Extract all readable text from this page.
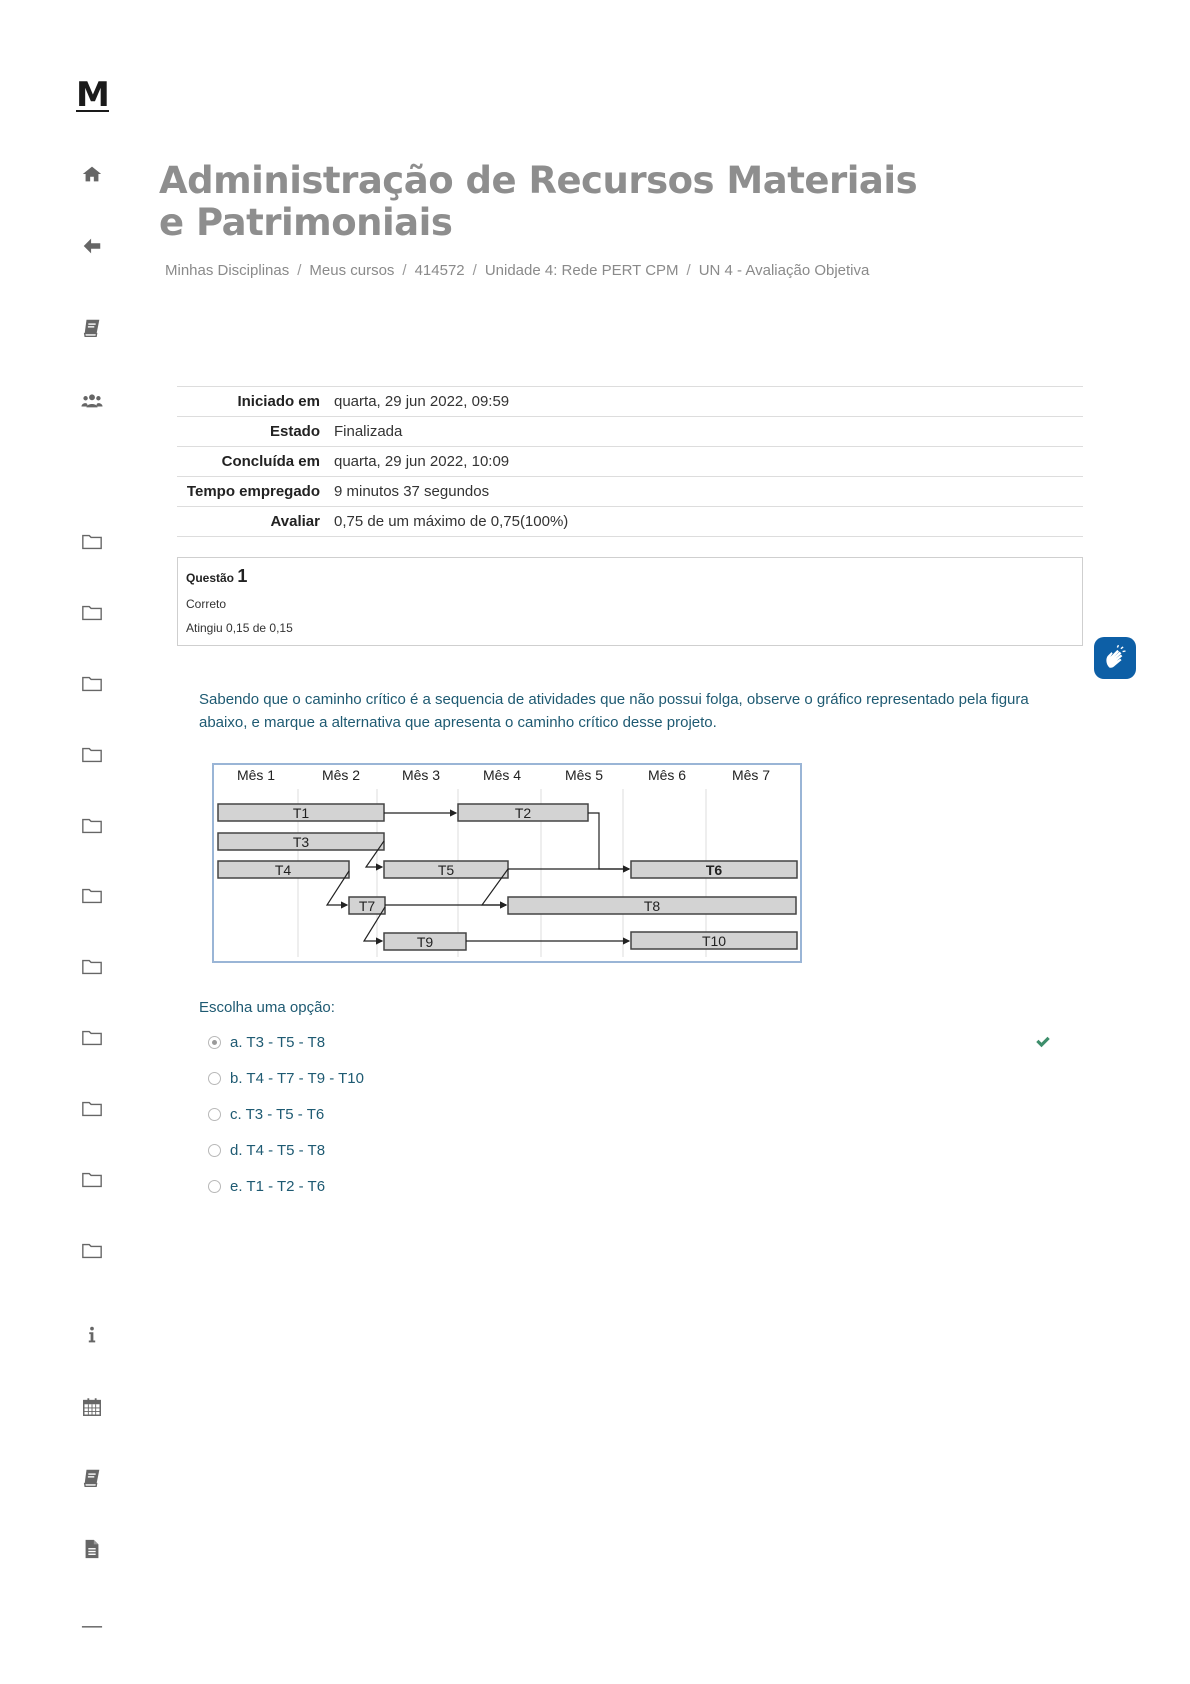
M
Administração de Recursos Materiais e Patrimoniais
Minhas Disciplinas / Meus cursos / 414572 / Unidade 4: Rede PERT CPM / UN 4 - Avaliação Objetiva
Iniciado em	quarta, 29 jun 2022, 09:59
Estado	Finalizada
Concluída em	quarta, 29 jun 2022, 10:09
Tempo empregado	9 minutos 37 segundos
Avaliar	0,75 de um máximo de 0,75(100%)
Questão 1
Correto
Atingiu 0,15 de 0,15

Sabendo que o caminho crítico é a sequencia de atividades que não possui folga, observe o gráfico representado pela figura abaixo, e marque a alternativa que apresenta o caminho crítico desse projeto.

Mês 1	Mês 2	Mês 3	Mês 4	Mês 5	Mês 6	Mês 7
T1	T2
T3
T4	T5	T6
T7	T8
T9	T10
Escolha uma opção:
a. T3 - T5 - T8
b. T4 - T7 - T9 - T10
c. T3 - T5 - T6
d. T4 - T5 - T8
e. T1 - T2 - T6
